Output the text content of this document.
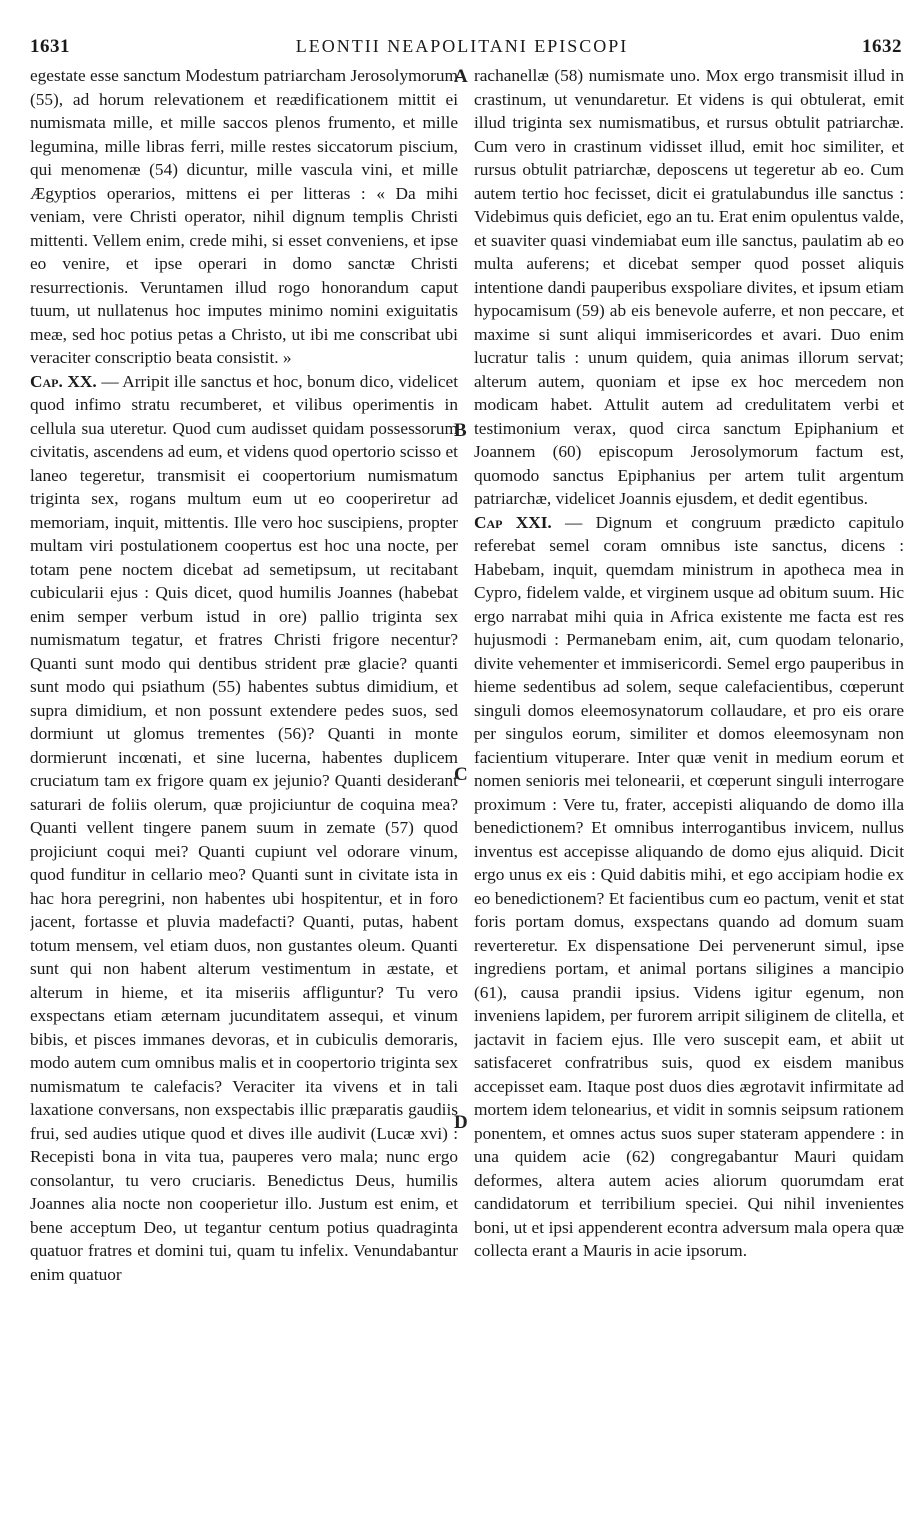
1631	LEONTII NEAPOLITANI EPISCOPI	1632

egestate esse sanctum Modestum patriarcham Jerosolymorum (55), ad horum relevationem et reædificationem mittit ei numismata mille, et mille saccos plenos frumento, et mille legumina, mille libras ferri, mille restes siccatorum piscium, qui menomenæ (54) dicuntur, mille vascula vini, et mille Ægyptios operarios, mittens ei per litteras : « Da mihi veniam, vere Christi operator, nihil dignum templis Christi mittenti. Vellem enim, crede mihi, si esset conveniens, et ipse eo venire, et ipse operari in domo sanctæ Christi resurrectionis. Veruntamen illud rogo honorandum caput tuum, ut nullatenus hoc imputes minimo nomini exiguitatis meæ, sed hoc potius petas a Christo, ut ibi me conscribat ubi veraciter conscriptio beata consistit. »

Cap. XX. — Arripit ille sanctus et hoc, bonum dico, videlicet quod infimo stratu recumberet, et vilibus operimentis in cellula sua uteretur. Quod cum audisset quidam possessorum civitatis, ascendens ad eum, et videns quod opertorio scisso et laneo tegeretur, transmisit ei coopertorium numismatum triginta sex, rogans multum eum ut eo cooperiretur ad memoriam, inquit, mittentis. Ille vero hoc suscipiens, propter multam viri postulationem coopertus est hoc una nocte, per totam pene noctem dicebat ad semetipsum, ut recitabant cubicularii ejus : Quis dicet, quod humilis Joannes (habebat enim semper verbum istud in ore) pallio triginta sex numismatum tegatur, et fratres Christi frigore necentur? Quanti sunt modo qui dentibus strident præ glacie? quanti sunt modo qui psiathum (55) habentes subtus dimidium, et supra dimidium, et non possunt extendere pedes suos, sed dormiunt ut glomus trementes (56)? Quanti in monte dormierunt incœnati, et sine lucerna, habentes duplicem cruciatum tam ex frigore quam ex jejunio? Quanti desiderant saturari de foliis olerum, quæ projiciuntur de coquina mea? Quanti vellent tingere panem suum in zemate (57) quod projiciunt coqui mei? Quanti cupiunt vel odorare vinum, quod funditur in cellario meo? Quanti sunt in civitate ista in hac hora peregrini, non habentes ubi hospitentur, et in foro jacent, fortasse et pluvia madefacti? Quanti, putas, habent totum mensem, vel etiam duos, non gustantes oleum. Quanti sunt qui non habent alterum vestimentum in æstate, et alterum in hieme, et ita miseriis affliguntur? Tu vero exspectans etiam æternam jucunditatem assequi, et vinum bibis, et pisces immanes devoras, et in cubiculis demoraris, modo autem cum omnibus malis et in coopertorio triginta sex numismatum te calefacis? Veraciter ita vivens et in tali laxatione conversans, non exspectabis illic præparatis gaudiis frui, sed audies utique quod et dives ille audivit (Lucæ xvi) : Recepisti bona in vita tua, pauperes vero mala; nunc ergo consolantur, tu vero cruciaris. Benedictus Deus, humilis Joannes alia nocte non cooperietur illo. Justum est enim, et bene acceptum Deo, ut tegantur centum potius quadraginta quatuor fratres et domini tui, quam tu infelix. Venundabantur enim quatuor

rachanellæ (58) numismate uno. Mox ergo transmisit illud in crastinum, ut venundaretur. Et videns is qui obtulerat, emit illud triginta sex numismatibus, et rursus obtulit patriarchæ. Cum vero in crastinum vidisset illud, emit hoc similiter, et rursus obtulit patriarchæ, deposcens ut tegeretur ab eo. Cum autem tertio hoc fecisset, dicit ei gratulabundus ille sanctus : Videbimus quis deficiet, ego an tu. Erat enim opulentus valde, et suaviter quasi vindemiabat eum ille sanctus, paulatim ab eo multa auferens; et dicebat semper quod posset aliquis intentione dandi pauperibus exspoliare divites, et ipsum etiam hypocamisum (59) ab eis benevole auferre, et non peccare, et maxime si sunt aliqui immisericordes et avari. Duo enim lucratur talis : unum quidem, quia animas illorum servat; alterum autem, quoniam et ipse ex hoc mercedem non modicam habet. Attulit autem ad credulitatem verbi et testimonium verax, quod circa sanctum Epiphanium et Joannem (60) episcopum Jerosolymorum factum est, quomodo sanctus Epiphanius per artem tulit argentum patriarchæ, videlicet Joannis ejusdem, et dedit egentibus.

Cap XXI. — Dignum et congruum prædicto capitulo referebat semel coram omnibus iste sanctus, dicens : Habebam, inquit, quemdam ministrum in apotheca mea in Cypro, fidelem valde, et virginem usque ad obitum suum. Hic ergo narrabat mihi quia in Africa existente me facta est res hujusmodi : Permanebam enim, ait, cum quodam telonario, divite vehementer et immisericordi. Semel ergo pauperibus in hieme sedentibus ad solem, seque calefacientibus, cœperunt singuli domos eleemosynatorum collaudare, et pro eis orare per singulos eorum, similiter et domos eleemosynam non facientium vituperare. Inter quæ venit in medium eorum et nomen senioris mei telonearii, et cœperunt singuli interrogare proximum : Vere tu, frater, accepisti aliquando de domo illa benedictionem? Et omnibus interrogantibus invicem, nullus inventus est accepisse aliquando de domo ejus aliquid. Dicit ergo unus ex eis : Quid dabitis mihi, et ego accipiam hodie ex eo benedictionem? Et facientibus cum eo pactum, venit et stat foris portam domus, exspectans quando ad domum suam reverteretur. Ex dispensatione Dei pervenerunt simul, ipse ingrediens portam, et animal portans siligines a mancipio (61), causa prandii ipsius. Videns igitur egenum, non inveniens lapidem, per furorem arripit siliginem de clitella, et jactavit in faciem ejus. Ille vero suscepit eam, et abiit ut satisfaceret confratribus suis, quod ex eisdem manibus accepisset eam. Itaque post duos dies ægrotavit infirmitate ad mortem idem telonearius, et vidit in somnis seipsum rationem ponentem, et omnes actus suos super stateram appendere : in una quidem acie (62) congregabantur Mauri quidam deformes, altera autem acies aliorum quorumdam erat candidatorum et terribilium speciei. Qui nihil invenientes boni, ut et ipsi appenderent econtra adversum mala opera quæ collecta erant a Mauris in acie ipsorum.

A
B
C
D
